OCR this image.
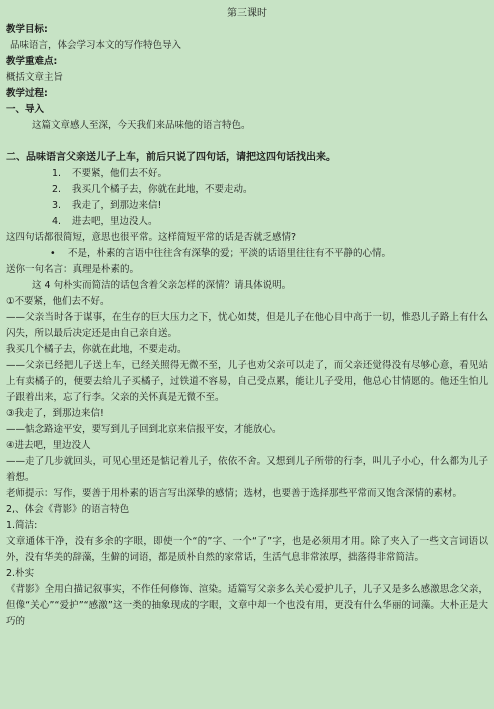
第三课时
教学目标:
品味语言，体会学习本文的写作特色导入
教学重难点:
概括文章主旨
教学过程:
一、导入
这篇文章感人至深，今天我们来品味他的语言特色。
二、品味语言父亲送儿子上车，前后只说了四句话，请把这四句话找出来。
1. 不要紧，他们去不好。
2. 我买几个橘子去，你就在此地，不要走动。
3. 我走了，到那边来信!
4. 进去吧，里边没人。
这四句话都很简短，意思也很平常。这样简短平常的话是否就乏感情?
• 不是，朴素的言语中往往含有深挚的爱；平淡的话语里往往有不平静的心情。
送你一句名言：真理是朴素的。
这 4 句朴实而简洁的话包含着父亲怎样的深情？请具体说明。
①不要紧，他们去不好。
——父亲当时各于谋事，在生存的巨大压力之下，忧心如焚，但是儿子在他心目中高于一切，惟恐儿子路上有什么闪失，所以最后决定还是由自己亲自送。
我买几个橘子去，你就在此地，不要走动。
——父亲已经把儿子送上车，已经关照得无微不至，儿子也劝父亲可以走了，而父亲还觉得没有尽够心意，看见站上有卖橘子的，便要去给儿子买橘子，过铁道不容易，自己受点累，能让儿子受用，他总心甘情愿的。他还生怕儿子跟着出来，忘了行李。父亲的关怀真是无微不至。
③我走了，到那边来信!
——惦念路途平安，要写到儿子回到北京来信报平安，才能放心。
④进去吧，里边没人
——走了几步就回头，可见心里还是惦记着儿子，依依不舍。又想到儿子所带的行李，叫儿子小心，什么都为儿子着想。
老师提示：写作，要善于用朴素的语言写出深挚的感情；选材，也要善于选择那些平常而又饱含深情的素材。
2,、体会《背影》的语言特色
1.简洁:
文章通体干净，没有多余的字眼，即使一个“的”字、一个“了”字，也是必须用才用。除了夹入了一些文言词语以外，没有华美的辞藻，生僻的词语，都是质朴自然的家常话，生活气息非常浓厚，拙落得非常简洁。
2.朴实
《背影》全用白描记叙事实，不作任何修饰、渲染。适篇写父亲多么关心爱护儿子，儿子又是多么感激思念父亲，但像“关心”“爱护”“感激”这一类的抽象现成的字眼，文章中却一个也没有用，更没有什么华丽的词藻。大朴正是大巧的
